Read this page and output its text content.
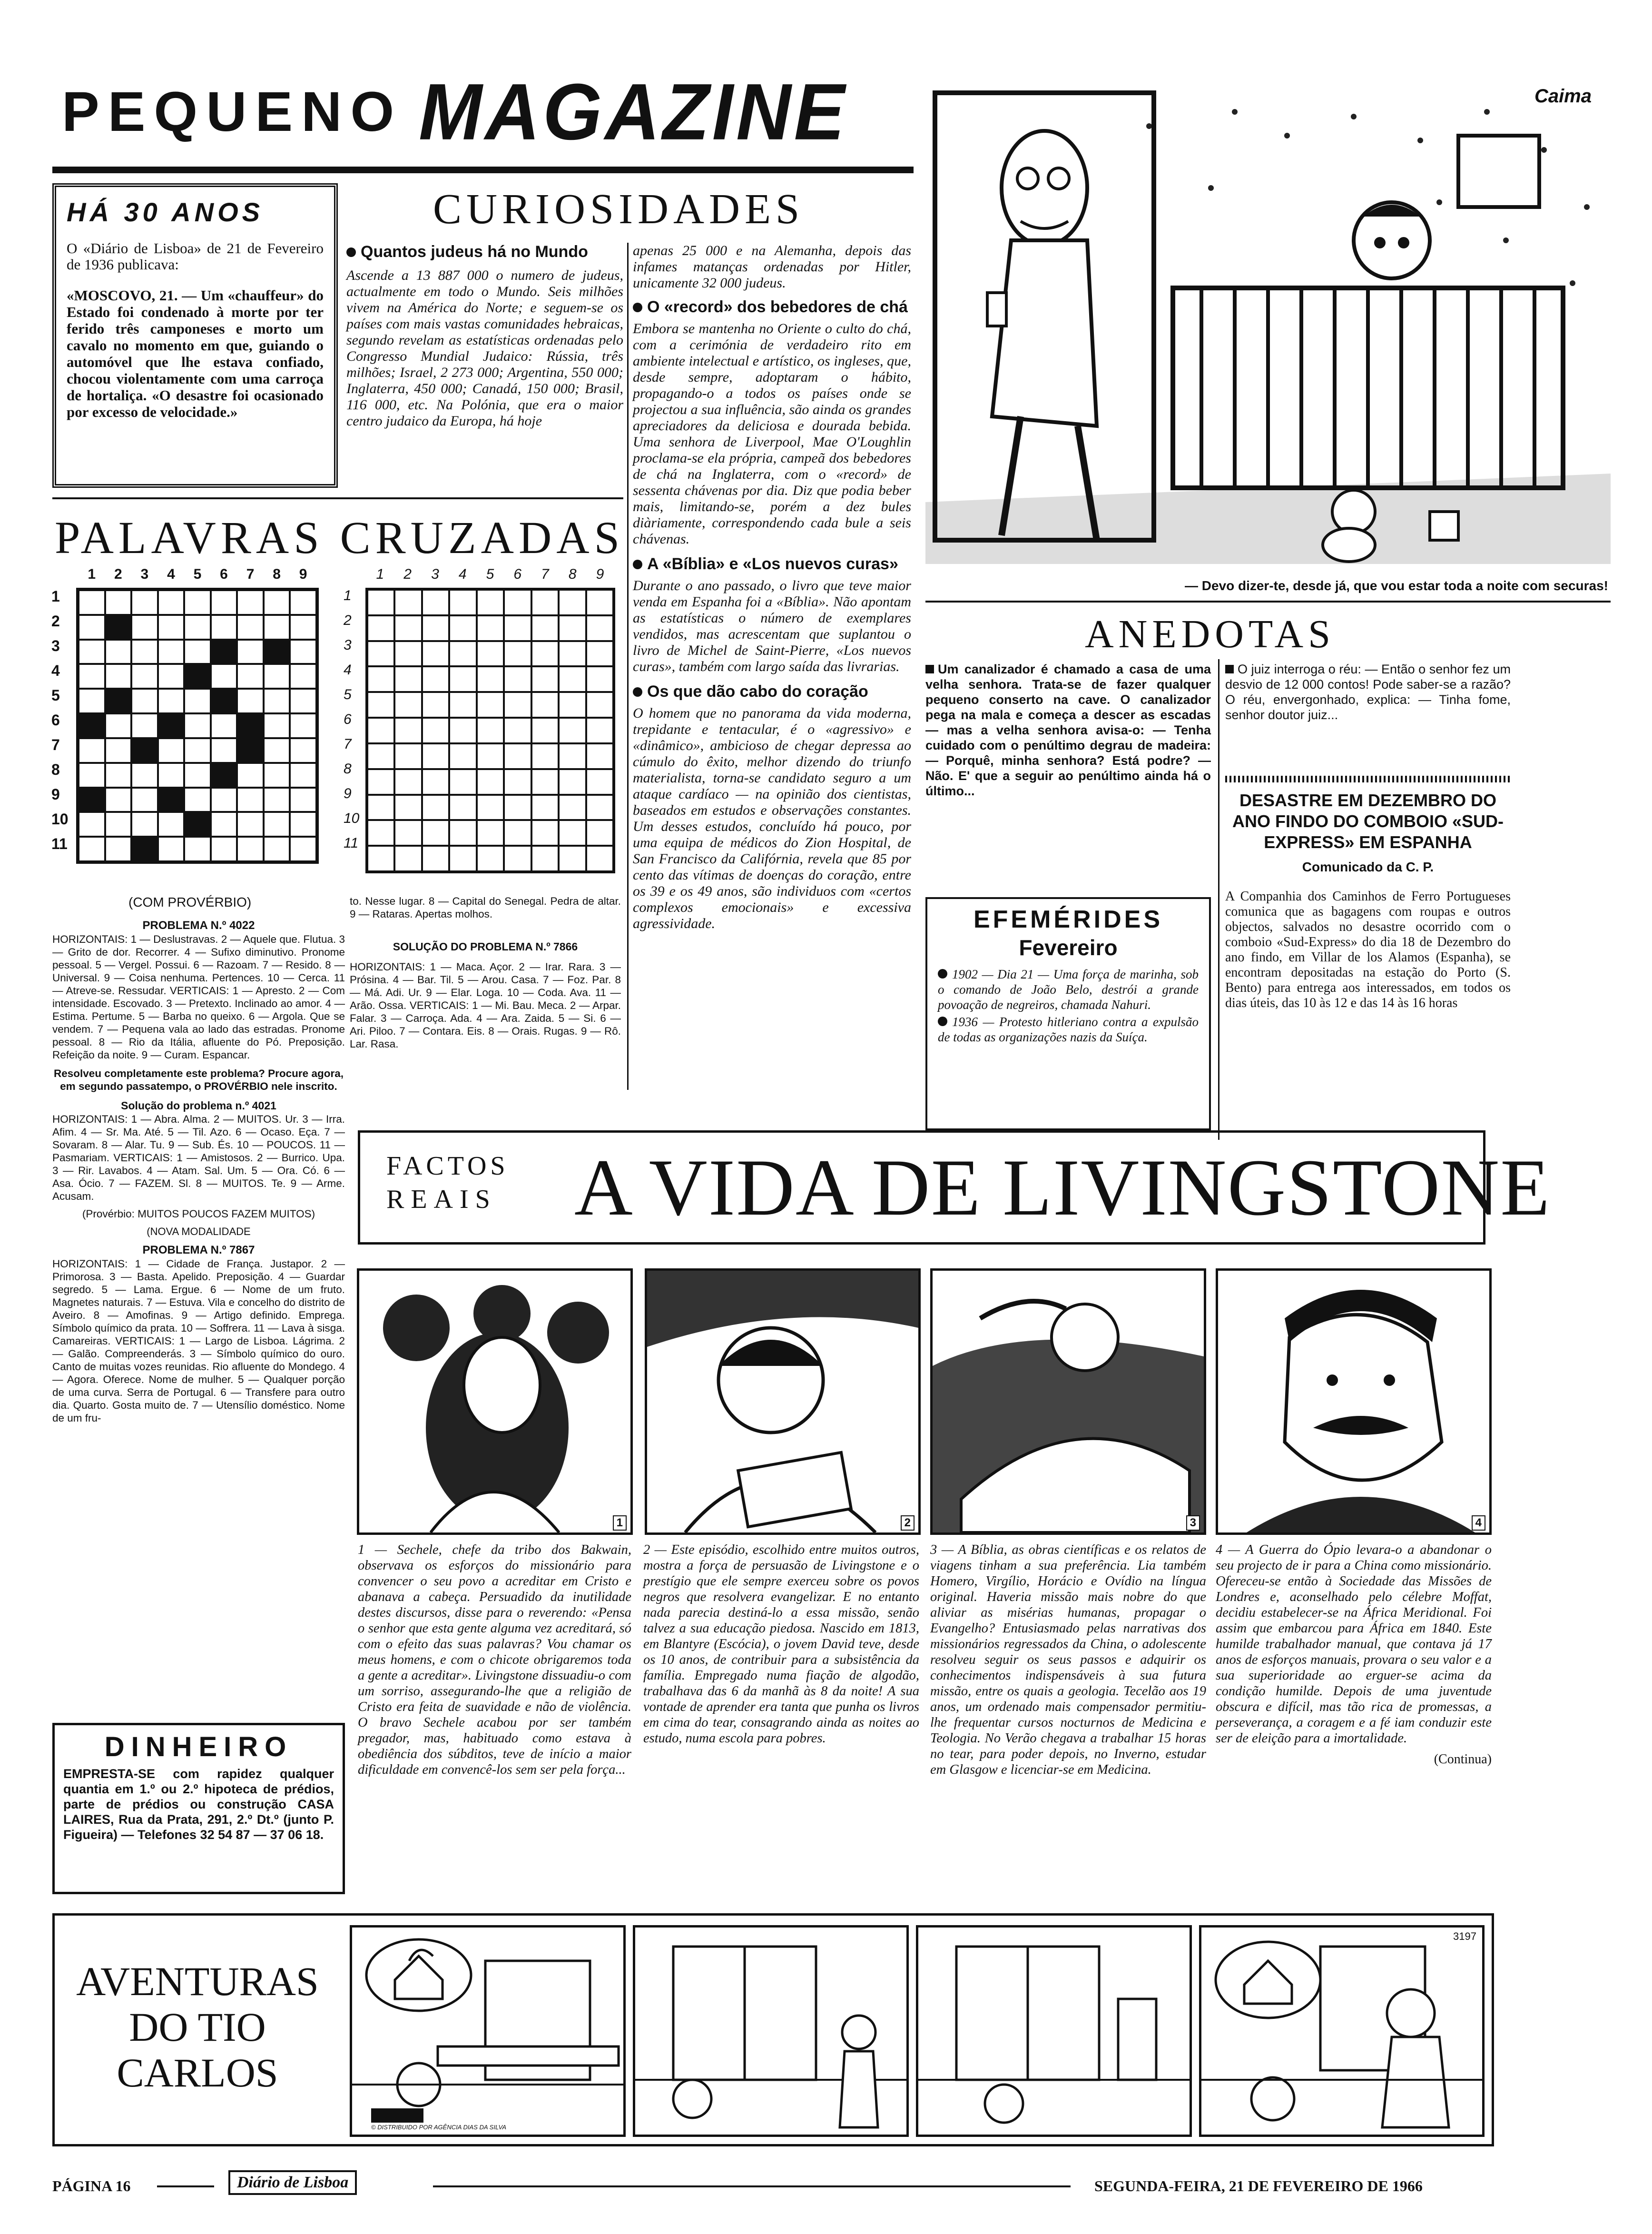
PEQUENO MAGAZINE
HÁ 30 ANOS
O «Diário de Lisboa» de 21 de Fevereiro de 1936 publicava:
«MOSCOVO, 21. — Um «chauffeur» do Estado foi condenado à morte por ter ferido três camponeses e morto um cavalo no momento em que, guiando o automóvel que lhe estava confiado, chocou violentamente com uma carroça de hortaliça. «O desastre foi ocasionado por excesso de velocidade.»
CURIOSIDADES
Quantos judeus há no Mundo
Ascende a 13 887 000 o numero de judeus, actualmente em todo o Mundo. Seis milhões vivem na América do Norte; e seguem-se os países com mais vastas comunidades hebraicas, segundo revelam as estatísticas ordenadas pelo Congresso Mundial Judaico: Rússia, três milhões; Israel, 2 273 000; Argentina, 550 000; Inglaterra, 450 000; Canadá, 150 000; Brasil, 116 000, etc. Na Polónia, que era o maior centro judaico da Europa, há hoje
apenas 25 000 e na Alemanha, depois das infames matanças ordenadas por Hitler, unicamente 32 000 judeus.
O «record» dos bebedores de chá
Embora se mantenha no Oriente o culto do chá, com a cerimónia de verdadeiro rito em ambiente intelectual e artístico, os ingleses, que, desde sempre, adoptaram o hábito, propagando-o a todos os países onde se projectou a sua influência, são ainda os grandes apreciadores da deliciosa e dourada bebida. Uma senhora de Liverpool, Mae O'Loughlin proclama-se ela própria, campeã dos bebedores de chá na Inglaterra, com o «record» de sessenta chávenas por dia. Diz que podia beber mais, limitando-se, porém a dez bules diàriamente, correspondendo cada bule a seis chávenas.
A «Bíblia» e «Los nuevos curas»
Durante o ano passado, o livro que teve maior venda em Espanha foi a «Bíblia». Não apontam as estatísticas o número de exemplares vendidos, mas acrescentam que suplantou o livro de Michel de Saint-Pierre, «Los nuevos curas», também com largo saída das livrarias.
Os que dão cabo do coração
O homem que no panorama da vida moderna, trepidante e tentacular, é o «agressivo» e «dinâmico», ambicioso de chegar depressa ao cúmulo do êxito, melhor dizendo do triunfo materialista, torna-se candidato seguro a um ataque cardíaco — na opinião dos cientistas, baseados em estudos e observações constantes. Um desses estudos, concluído há pouco, por uma equipa de médicos do Zion Hospital, de San Francisco da Califórnia, revela que 85 por cento das vítimas de doenças do coração, entre os 39 e os 49 anos, são individuos com «certos complexos emocionais» e excessiva agressividade.
Caima
— Devo dizer-te, desde já, que vou estar toda a noite com securas!
PALAVRAS CRUZADAS
1 2 3 4 5 6 7 8 9
1
2
3
4
5
6
7
8
9
10
11
(COM PROVÉRBIO)
1 2 3 4 5 6 7 8 9
1
2
3
4
5
6
7
8
9
10
11
PROBLEMA N.º 4022
HORIZONTAIS: 1 — Deslustravas. 2 — Aquele que. Flutua. 3 — Grito de dor. Recorrer. 4 — Sufixo diminutivo. Pronome pessoal. 5 — Vergel. Possui. 6 — Razoam. 7 — Resido. 8 — Universal. 9 — Coisa nenhuma. Pertences. 10 — Cerca. 11 — Atreve-se. Ressudar. VERTICAIS: 1 — Apresto. 2 — Com intensidade. Escovado. 3 — Pretexto. Inclinado ao amor. 4 — Estima. Pertume. 5 — Barba no queixo. 6 — Argola. Que se vendem. 7 — Pequena vala ao lado das estradas. Pronome pessoal. 8 — Rio da Itália, afluente do Pó. Preposição. Refeição da noite. 9 — Curam. Espancar.
Resolveu completamente este problema? Procure agora, em segundo passatempo, o PROVÉRBIO nele inscrito.
Solução do problema n.º 4021
HORIZONTAIS: 1 — Abra. Alma. 2 — MUITOS. Ur. 3 — Irra. Afim. 4 — Sr. Ma. Até. 5 — Til. Azo. 6 — Ocaso. Eça. 7 — Sovaram. 8 — Alar. Tu. 9 — Sub. És. 10 — POUCOS. 11 — Pasmariam. VERTICAIS: 1 — Amistosos. 2 — Burrico. Upa. 3 — Rir. Lavabos. 4 — Atam. Sal. Um. 5 — Ora. Có. 6 — Asa. Ócio. 7 — FAZEM. Sl. 8 — MUITOS. Te. 9 — Arme. Acusam.
(Provérbio: MUITOS POUCOS FAZEM MUITOS)
(NOVA MODALIDADE
PROBLEMA N.º 7867
HORIZONTAIS: 1 — Cidade de França. Justapor. 2 — Primorosa. 3 — Basta. Apelido. Preposição. 4 — Guardar segredo. 5 — Lama. Ergue. 6 — Nome de um fruto. Magnetes naturais. 7 — Estuva. Vila e concelho do distrito de Aveiro. 8 — Amofinas. 9 — Artigo definido. Emprega. Símbolo químico da prata. 10 — Soffrera. 11 — Lava à sisga. Camareiras. VERTICAIS: 1 — Largo de Lisboa. Lágrima. 2 — Galão. Compreenderás. 3 — Símbolo químico do ouro. Canto de muitas vozes reunidas. Rio afluente do Mondego. 4 — Agora. Oferece. Nome de mulher. 5 — Qualquer porção de uma curva. Serra de Portugal. 6 — Transfere para outro dia. Quarto. Gosta muito de. 7 — Utensílio doméstico. Nome de um fru-
to. Nesse lugar. 8 — Capital do Senegal. Pedra de altar. 9 — Rataras. Apertas molhos.
SOLUÇÃO DO PROBLEMA N.º 7866
HORIZONTAIS: 1 — Maca. Açor. 2 — Irar. Rara. 3 — Prósina. 4 — Bar. Til. 5 — Arou. Casa. 7 — Foz. Par. 8 — Má. Adi. Ur. 9 — Elar. Loga. 10 — Coda. Ava. 11 — Arão. Ossa. VERTICAIS: 1 — Mi. Bau. Meca. 2 — Arpar. Falar. 3 — Carroça. Ada. 4 — Ara. Zaida. 5 — Si. 6 — Ari. Piloo. 7 — Contara. Eis. 8 — Orais. Rugas. 9 — Rô. Lar. Rasa.
ANEDOTAS
Um canalizador é chamado a casa de uma velha senhora. Trata-se de fazer qualquer pequeno conserto na cave. O canalizador pega na mala e começa a descer as escadas — mas a velha senhora avisa-o: — Tenha cuidado com o penúltimo degrau de madeira: — Porquê, minha senhora? Está podre? — Não. E' que a seguir ao penúltimo ainda há o último...
O juiz interroga o réu: — Então o senhor fez um desvio de 12 000 contos! Pode saber-se a razão? O réu, envergonhado, explica: — Tinha fome, senhor doutor juiz...
DESASTRE EM DEZEMBRO DO ANO FINDO DO COMBOIO «SUD-EXPRESS» EM ESPANHA
Comunicado da C. P.
A Companhia dos Caminhos de Ferro Portugueses comunica que as bagagens com roupas e outros objectos, salvados no desastre ocorrido com o comboio «Sud-Express» do dia 18 de Dezembro do ano findo, em Villar de los Alamos (Espanha), se encontram depositadas na estação do Porto (S. Bento) para entrega aos interessados, em todos os dias úteis, das 10 às 12 e das 14 às 16 horas
EFEMÉRIDES
Fevereiro
1902 — Dia 21 — Uma força de marinha, sob o comando de João Belo, destrói a grande povoação de negreiros, chamada Nahuri.
1936 — Protesto hitleriano contra a expulsão de todas as organizações nazis da Suíça.
FACTOS
REAIS A VIDA DE LIVINGSTONE
1	2	3	4
1 — Sechele, chefe da tribo dos Bakwain, observava os esforços do missionário para convencer o seu povo a acreditar em Cristo e abanava a cabeça. Persuadido da inutilidade destes discursos, disse para o reverendo: «Pensa o senhor que esta gente alguma vez acreditará, só com o efeito das suas palavras? Vou chamar os meus homens, e com o chicote obrigaremos toda a gente a acreditar». Livingstone dissuadiu-o com um sorriso, assegurando-lhe que a religião de Cristo era feita de suavidade e não de violência. O bravo Sechele acabou por ser também pregador, mas, habituado como estava à obediência dos súbditos, teve de início a maior dificuldade em convencê-los sem ser pela força...
2 — Este episódio, escolhido entre muitos outros, mostra a força de persuasão de Livingstone e o prestígio que ele sempre exerceu sobre os povos negros que resolvera evangelizar. E no entanto nada parecia destiná-lo a essa missão, senão talvez a sua educação piedosa. Nascido em 1813, em Blantyre (Escócia), o jovem David teve, desde os 10 anos, de contribuir para a subsistência da família. Empregado numa fiação de algodão, trabalhava das 6 da manhã às 8 da noite! A sua vontade de aprender era tanta que punha os livros em cima do tear, consagrando ainda as noites ao estudo, numa escola para pobres.
3 — A Bíblia, as obras científicas e os relatos de viagens tinham a sua preferência. Lia também Homero, Virgílio, Horácio e Ovídio na língua original. Haveria missão mais nobre do que aliviar as misérias humanas, propagar o Evangelho? Entusiasmado pelas narrativas dos missionários regressados da China, o adolescente resolveu seguir os seus passos e adquirir os conhecimentos indispensáveis à sua futura missão, entre os quais a geologia. Tecelão aos 19 anos, um ordenado mais compensador permitiu-lhe frequentar cursos nocturnos de Medicina e Teologia. No Verão chegava a trabalhar 15 horas no tear, para poder depois, no Inverno, estudar em Glasgow e licenciar-se em Medicina.
4 — A Guerra do Ópio levara-o a abandonar o seu projecto de ir para a China como missionário. Ofereceu-se então à Sociedade das Missões de Londres e, aconselhado pelo célebre Moffat, decidiu estabelecer-se na África Meridional. Foi assim que embarcou para África em 1840. Este humilde trabalhador manual, que contava já 17 anos de esforços manuais, provara o seu valor e a sua superioridade ao erguer-se acima da condição humilde. Depois de uma juventude obscura e difícil, mas tão rica de promessas, a perseverança, a coragem e a fé iam conduzir este ser de eleição para a imortalidade.
(Continua)
DINHEIRO
EMPRESTA-SE com rapidez qualquer quantia em 1.º ou 2.º hipoteca de prédios, parte de prédios ou construção CASA LAIRES, Rua da Prata, 291, 2.º Dt.º (junto P. Figueira) — Telefones 32 54 87 — 37 06 18.
AVENTURAS
DO TIO
CARLOS
© DISTRIBUIDO POR AGÊNCIA DIAS DA SILVA
3197
PÁGINA 16	Diário de Lisboa	SEGUNDA-FEIRA, 21 DE FEVEREIRO DE 1966
